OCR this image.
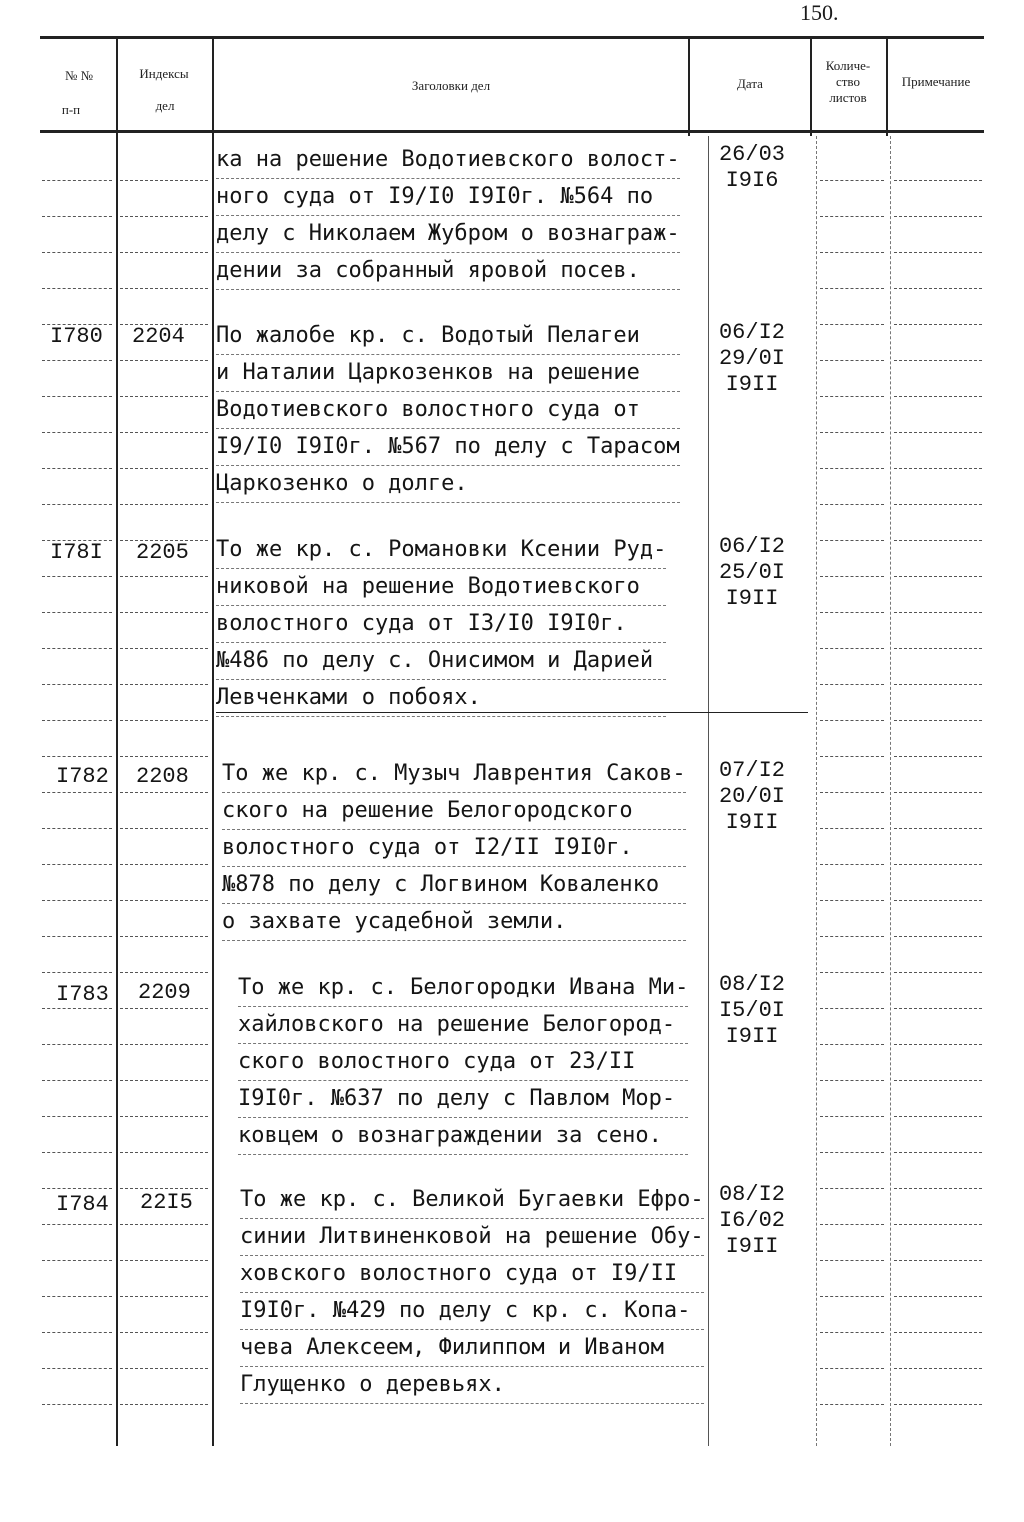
150.
№ №
п-п
Индексы
дел
Заголовки дел	Дата
Количе-
ство
листов
Примечание
ка на решение Водотиевского волост-
ного суда от I9/I0 I9I0г. №564 по
делу с Николаем Жубром о вознаграж-
дении за собранный яровой посев.
26/03
I9I6
I780 2204 По жалобе кр. с. Водотый Пелагеи
и Наталии Царкозенков на решение
Водотиевского волостного суда от
I9/I0 I9I0г. №567 по делу с Тарасом
Царкозенко о долге.
06/I2
29/0I
I9II
I78I 2205 То же кр. с. Романовки Ксении Руд-
никовой на решение Водотиевского
волостного суда от I3/I0 I9I0г.
№486 по делу с. Онисимом и Дарией
Левченками о побоях.
06/I2
25/0I
I9II
I782 2208 То же кр. с. Музыч Лаврентия Саков-
ского на решение Белогородского
волостного суда от I2/II I9I0г.
№878 по делу с Логвином Коваленко
о захвате усадебной земли.
07/I2
20/0I
I9II
I783 2209 То же кр. с. Белогородки Ивана Ми-
хайловского на решение Белогород-
ского волостного суда от 23/II
I9I0г. №637 по делу с Павлом Мор-
ковцем о вознаграждении за сено.
08/I2
I5/0I
I9II
I784 22I5 То же кр. с. Великой Бугаевки Ефро-
синии Литвиненковой на решение Обу-
ховского волостного суда от I9/II
I9I0г. №429 по делу с кр. с. Копа-
чева Алексеем, Филиппом и Иваном
Глущенко о деревьях.
08/I2
I6/02
I9II
